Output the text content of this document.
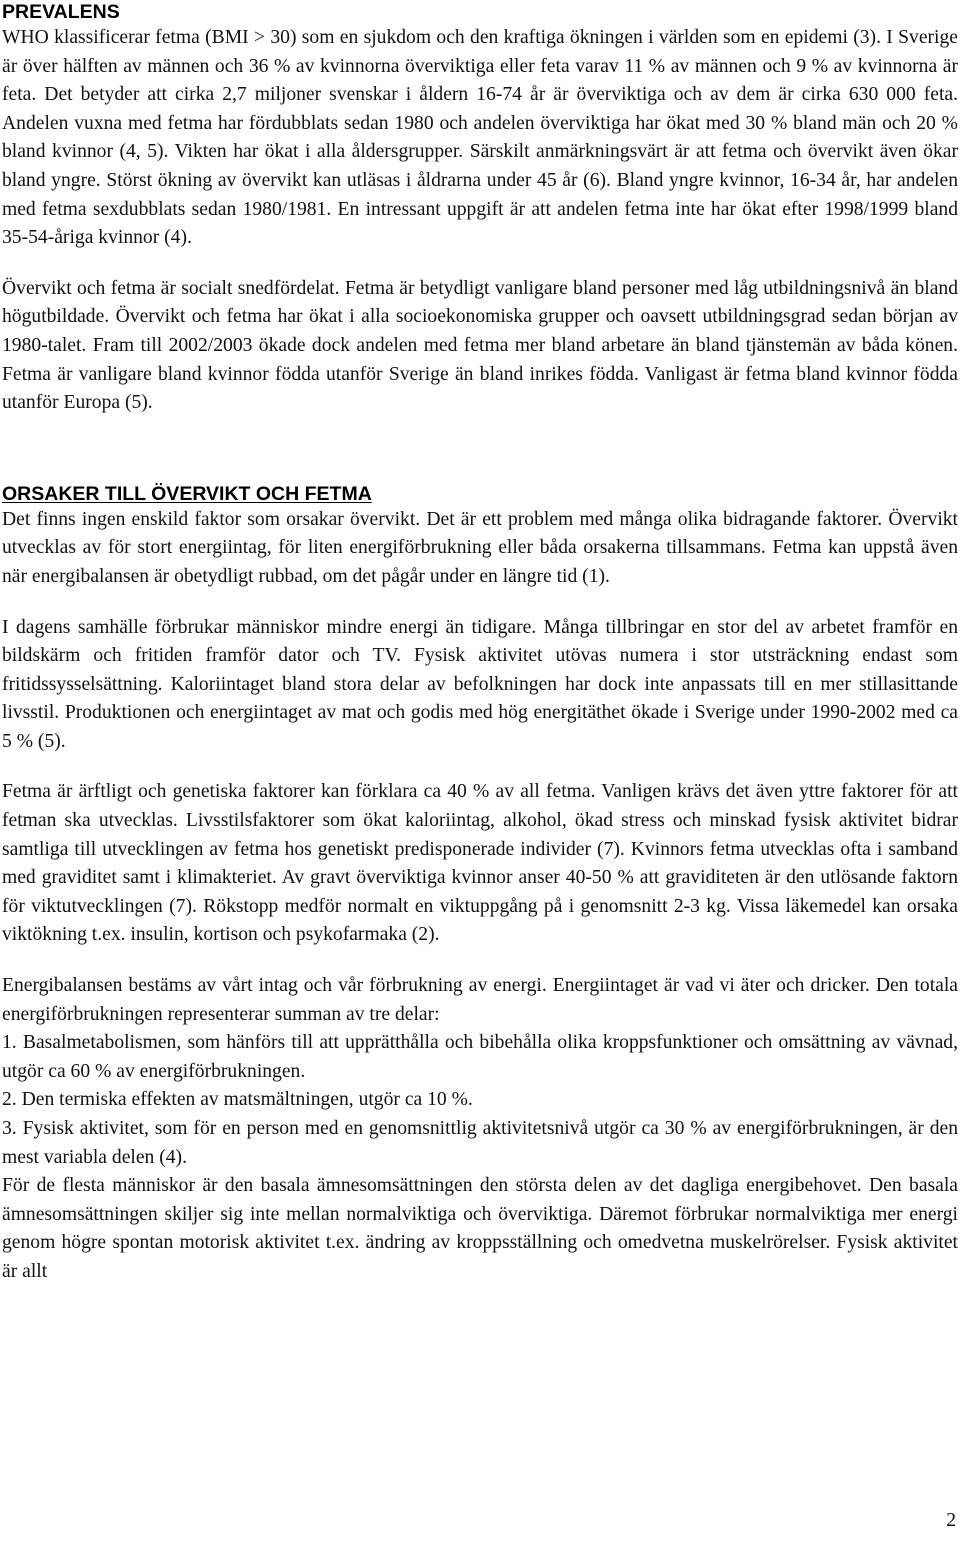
PREVALENS

WHO klassificerar fetma (BMI > 30) som en sjukdom och den kraftiga ökningen i världen som en epidemi (3). I Sverige är över hälften av männen och 36 % av kvinnorna överviktiga eller feta varav 11 % av männen och 9 % av kvinnorna är feta. Det betyder att cirka 2,7 miljoner svenskar i åldern 16-74 år är överviktiga och av dem är cirka 630 000 feta. Andelen vuxna med fetma har fördubblats sedan 1980 och andelen överviktiga har ökat med 30 % bland män och 20 % bland kvinnor (4, 5). Vikten har ökat i alla åldersgrupper. Särskilt anmärkningsvärt är att fetma och övervikt även ökar bland yngre. Störst ökning av övervikt kan utläsas i åldrarna under 45 år (6). Bland yngre kvinnor, 16-34 år, har andelen med fetma sexdubblats sedan 1980/1981. En intressant uppgift är att andelen fetma inte har ökat efter 1998/1999 bland 35-54-åriga kvinnor (4).

Övervikt och fetma är socialt snedfördelat. Fetma är betydligt vanligare bland personer med låg utbildningsnivå än bland högutbildade. Övervikt och fetma har ökat i alla socioekonomiska grupper och oavsett utbildningsgrad sedan början av 1980-talet. Fram till 2002/2003 ökade dock andelen med fetma mer bland arbetare än bland tjänstemän av båda könen. Fetma är vanligare bland kvinnor födda utanför Sverige än bland inrikes födda. Vanligast är fetma bland kvinnor födda utanför Europa (5).

ORSAKER TILL ÖVERVIKT OCH FETMA

Det finns ingen enskild faktor som orsakar övervikt. Det är ett problem med många olika bidragande faktorer. Övervikt utvecklas av för stort energiintag, för liten energiförbrukning eller båda orsakerna tillsammans. Fetma kan uppstå även när energibalansen är obetydligt rubbad, om det pågår under en längre tid (1).

I dagens samhälle förbrukar människor mindre energi än tidigare. Många tillbringar en stor del av arbetet framför en bildskärm och fritiden framför dator och TV. Fysisk aktivitet utövas numera i stor utsträckning endast som fritidssysselsättning. Kaloriintaget bland stora delar av befolkningen har dock inte anpassats till en mer stillasittande livsstil. Produktionen och energiintaget av mat och godis med hög energitäthet ökade i Sverige under 1990-2002 med ca 5 % (5).

Fetma är ärftligt och genetiska faktorer kan förklara ca 40 % av all fetma. Vanligen krävs det även yttre faktorer för att fetman ska utvecklas. Livsstilsfaktorer som ökat kaloriintag, alkohol, ökad stress och minskad fysisk aktivitet bidrar samtliga till utvecklingen av fetma hos genetiskt predisponerade individer (7). Kvinnors fetma utvecklas ofta i samband med graviditet samt i klimakteriet. Av gravt överviktiga kvinnor anser 40-50 % att graviditeten är den utlösande faktorn för viktutvecklingen (7). Rökstopp medför normalt en viktuppgång på i genomsnitt 2-3 kg. Vissa läkemedel kan orsaka viktökning t.ex. insulin, kortison och psykofarmaka (2).

Energibalansen bestäms av vårt intag och vår förbrukning av energi. Energiintaget är vad vi äter och dricker. Den totala energiförbrukningen representerar summan av tre delar:

1. Basalmetabolismen, som hänförs till att upprätthålla och bibehålla olika kroppsfunktioner och omsättning av vävnad, utgör ca 60 % av energiförbrukningen.

2. Den termiska effekten av matsmältningen, utgör ca 10 %.

3. Fysisk aktivitet, som för en person med en genomsnittlig aktivitetsnivå utgör ca 30 % av energiförbrukningen, är den mest variabla delen (4).

För de flesta människor är den basala ämnesomsättningen den största delen av det dagliga energibehovet. Den basala ämnesomsättningen skiljer sig inte mellan normalviktiga och överviktiga. Däremot förbrukar normalviktiga mer energi genom högre spontan motorisk aktivitet t.ex. ändring av kroppsställning och omedvetna muskelrörelser. Fysisk aktivitet är allt

2
